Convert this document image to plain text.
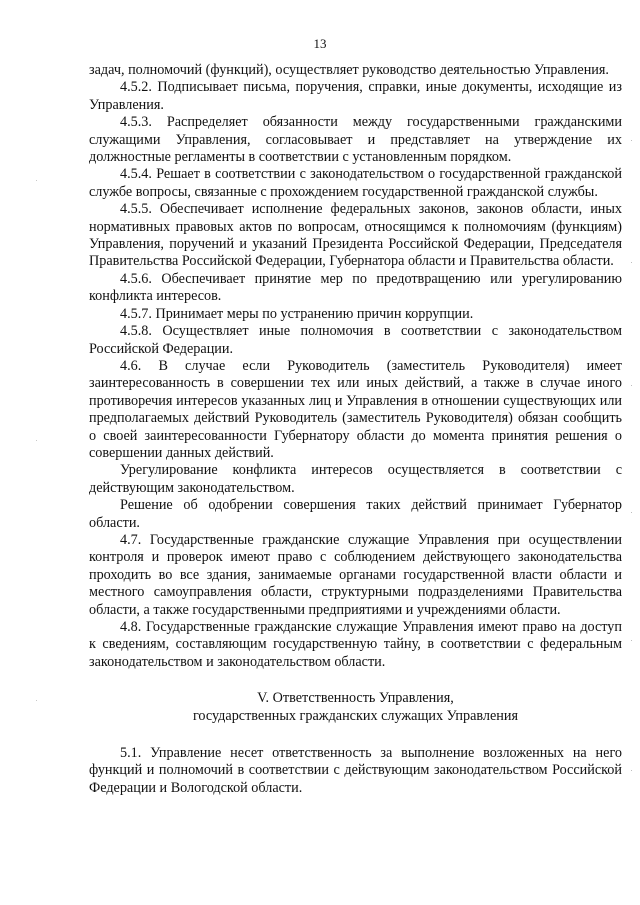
13

задач, полномочий (функций), осуществляет руководство деятельностью Управления.

4.5.2. Подписывает письма, поручения, справки, иные документы, исходящие из Управления.

4.5.3. Распределяет обязанности между государственными гражданскими служащими Управления, согласовывает и представляет на утверждение их должностные регламенты в соответствии с установленным порядком.

4.5.4. Решает в соответствии с законодательством о государственной гражданской службе вопросы, связанные с прохождением государственной гражданской службы.

4.5.5. Обеспечивает исполнение федеральных законов, законов области, иных нормативных правовых актов по вопросам, относящимся к полномочиям (функциям) Управления, поручений и указаний Президента Российской Федерации, Председателя Правительства Российской Федерации, Губернатора области и Правительства области.

4.5.6. Обеспечивает принятие мер по предотвращению или урегулированию конфликта интересов.

4.5.7. Принимает меры по устранению причин коррупции.

4.5.8. Осуществляет иные полномочия в соответствии с законодательством Российской Федерации.

4.6. В случае если Руководитель (заместитель Руководителя) имеет заинтересованность в совершении тех или иных действий, а также в случае иного противоречия интересов указанных лиц и Управления в отношении существующих или предполагаемых действий Руководитель (заместитель Руководителя) обязан сообщить о своей заинтересованности Губернатору области до момента принятия решения о совершении данных действий.

Урегулирование конфликта интересов осуществляется в соответствии с действующим законодательством.

Решение об одобрении совершения таких действий принимает Губернатор области.

4.7. Государственные гражданские служащие Управления при осуществлении контроля и проверок имеют право с соблюдением действующего законодательства проходить во все здания, занимаемые органами государственной власти области и местного самоуправления области, структурными подразделениями Правительства области, а также государственными предприятиями и учреждениями области.

4.8. Государственные гражданские служащие Управления имеют право на доступ к сведениям, составляющим государственную тайну, в соответствии с федеральным законодательством и законодательством области.

V. Ответственность Управления,
государственных гражданских служащих Управления

5.1. Управление несет ответственность за выполнение возложенных на него функций и полномочий в соответствии с действующим законодательством Российской Федерации и Вологодской области.
